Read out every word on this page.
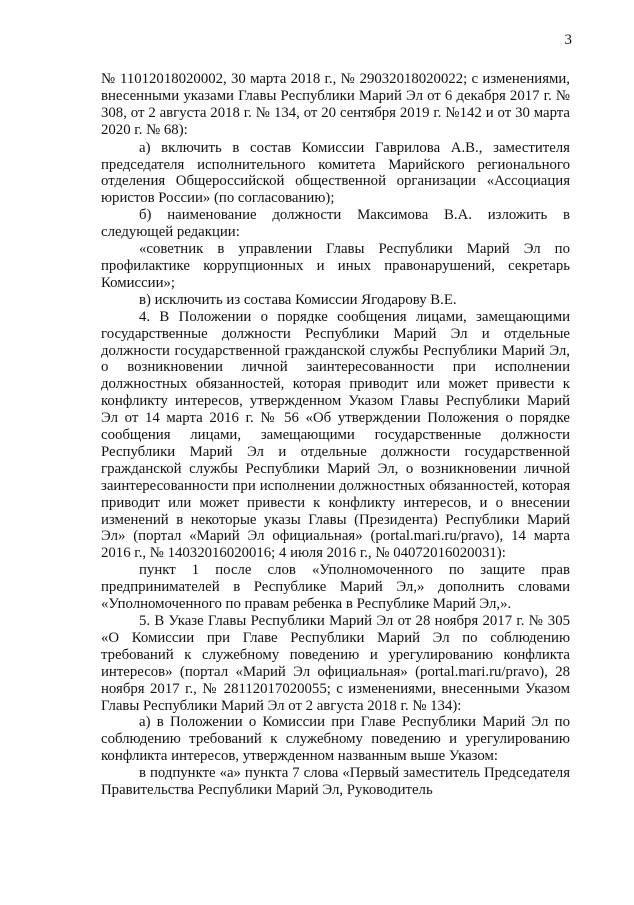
3

№ 11012018020002, 30 марта 2018 г., № 29032018020022; с изменениями, внесенными указами Главы Республики Марий Эл от 6 декабря 2017 г. № 308, от 2 августа 2018 г. № 134, от 20 сентября 2019 г. №142 и от 30 марта 2020 г. № 68):

а) включить в состав Комиссии Гаврилова А.В., заместителя председателя исполнительного комитета Марийского регионального отделения Общероссийской общественной организации «Ассоциация юристов России» (по согласованию);

б) наименование должности Максимова В.А. изложить в следующей редакции:

«советник в управлении Главы Республики Марий Эл по профилактике коррупционных и иных правонарушений, секретарь Комиссии»;

в) исключить из состава Комиссии Ягодарову В.Е.

4. В Положении о порядке сообщения лицами, замещающими государственные должности Республики Марий Эл и отдельные должности государственной гражданской службы Республики Марий Эл, о возникновении личной заинтересованности при исполнении должностных обязанностей, которая приводит или может привести к конфликту интересов, утвержденном Указом Главы Республики Марий Эл от 14 марта 2016 г. № 56 «Об утверждении Положения о порядке сообщения лицами, замещающими государственные должности Республики Марий Эл и отдельные должности государственной гражданской службы Республики Марий Эл, о возникновении личной заинтересованности при исполнении должностных обязанностей, которая приводит или может привести к конфликту интересов, и о внесении изменений в некоторые указы Главы (Президента) Республики Марий Эл» (портал «Марий Эл официальная» (portal.mari.ru/pravo), 14 марта 2016 г., № 14032016020016; 4 июля 2016 г., № 04072016020031):

пункт 1 после слов «Уполномоченного по защите прав предпринимателей в Республике Марий Эл,» дополнить словами «Уполномоченного по правам ребенка в Республике Марий Эл,».

5. В Указе Главы Республики Марий Эл от 28 ноября 2017 г. № 305 «О Комиссии при Главе Республики Марий Эл по соблюдению требований к служебному поведению и урегулированию конфликта интересов» (портал «Марий Эл официальная» (portal.mari.ru/pravo), 28 ноября 2017 г., № 28112017020055; с изменениями, внесенными Указом Главы Республики Марий Эл от 2 августа 2018 г. № 134):

а) в Положении о Комиссии при Главе Республики Марий Эл по соблюдению требований к служебному поведению и урегулированию конфликта интересов, утвержденном названным выше Указом:

в подпункте «а» пункта 7 слова «Первый заместитель Председателя Правительства Республики Марий Эл, Руководитель
